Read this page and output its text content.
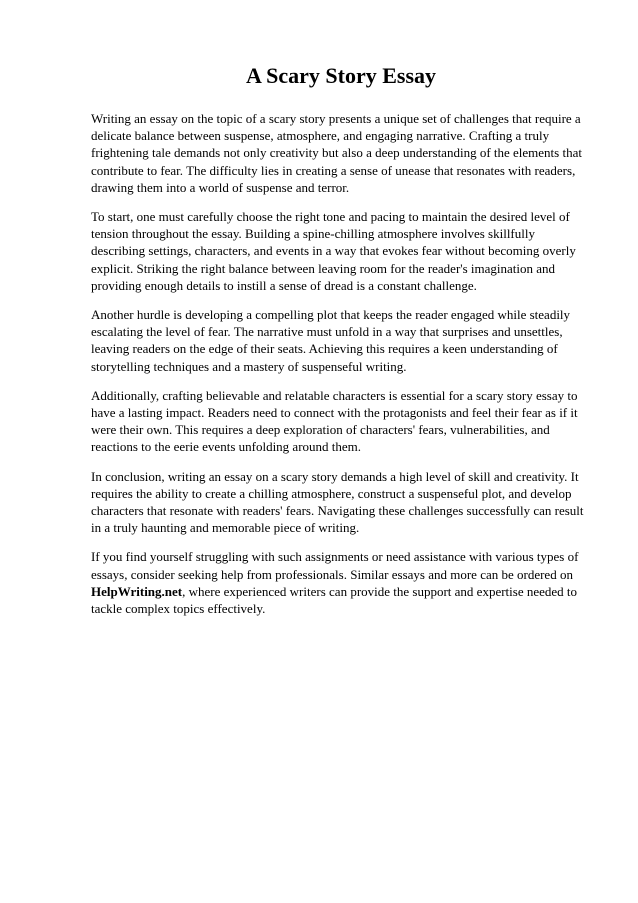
A Scary Story Essay

Writing an essay on the topic of a scary story presents a unique set of challenges that require a delicate balance between suspense, atmosphere, and engaging narrative. Crafting a truly frightening tale demands not only creativity but also a deep understanding of the elements that contribute to fear. The difficulty lies in creating a sense of unease that resonates with readers, drawing them into a world of suspense and terror.

To start, one must carefully choose the right tone and pacing to maintain the desired level of tension throughout the essay. Building a spine-chilling atmosphere involves skillfully describing settings, characters, and events in a way that evokes fear without becoming overly explicit. Striking the right balance between leaving room for the reader's imagination and providing enough details to instill a sense of dread is a constant challenge.

Another hurdle is developing a compelling plot that keeps the reader engaged while steadily escalating the level of fear. The narrative must unfold in a way that surprises and unsettles, leaving readers on the edge of their seats. Achieving this requires a keen understanding of storytelling techniques and a mastery of suspenseful writing.

Additionally, crafting believable and relatable characters is essential for a scary story essay to have a lasting impact. Readers need to connect with the protagonists and feel their fear as if it were their own. This requires a deep exploration of characters' fears, vulnerabilities, and reactions to the eerie events unfolding around them.

In conclusion, writing an essay on a scary story demands a high level of skill and creativity. It requires the ability to create a chilling atmosphere, construct a suspenseful plot, and develop characters that resonate with readers' fears. Navigating these challenges successfully can result in a truly haunting and memorable piece of writing.

If you find yourself struggling with such assignments or need assistance with various types of essays, consider seeking help from professionals. Similar essays and more can be ordered on HelpWriting.net, where experienced writers can provide the support and expertise needed to tackle complex topics effectively.
